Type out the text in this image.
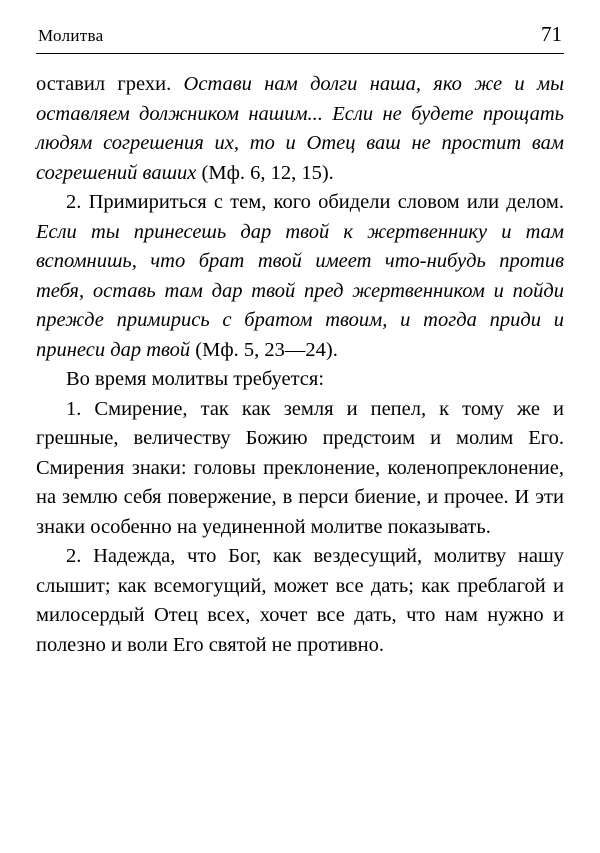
Молитва	71
оставил грехи. Остави нам долги наша, яко же и мы оставляем должником нашим... Если не будете прощать людям согрешения их, то и Отец ваш не простит вам согрешений ваших (Мф. 6, 12, 15).
2. Примириться с тем, кого обидели словом или делом. Если ты принесешь дар твой к жертвеннику и там вспомнишь, что брат твой имеет что-нибудь против тебя, оставь там дар твой пред жертвенником и пойди прежде примирись с братом твоим, и тогда приди и принеси дар твой (Мф. 5, 23—24).
Во время молитвы требуется:
1. Смирение, так как земля и пепел, к тому же и грешные, величеству Божию предстоим и молим Его. Смирения знаки: головы преклонение, коленопреклонение, на землю себя повержение, в перси биение, и прочее. И эти знаки особенно на уединенной молитве показывать.
2. Надежда, что Бог, как вездесущий, молитву нашу слышит; как всемогущий, может все дать; как преблагой и милосердый Отец всех, хочет все дать, что нам нужно и полезно и воли Его святой не противно.
